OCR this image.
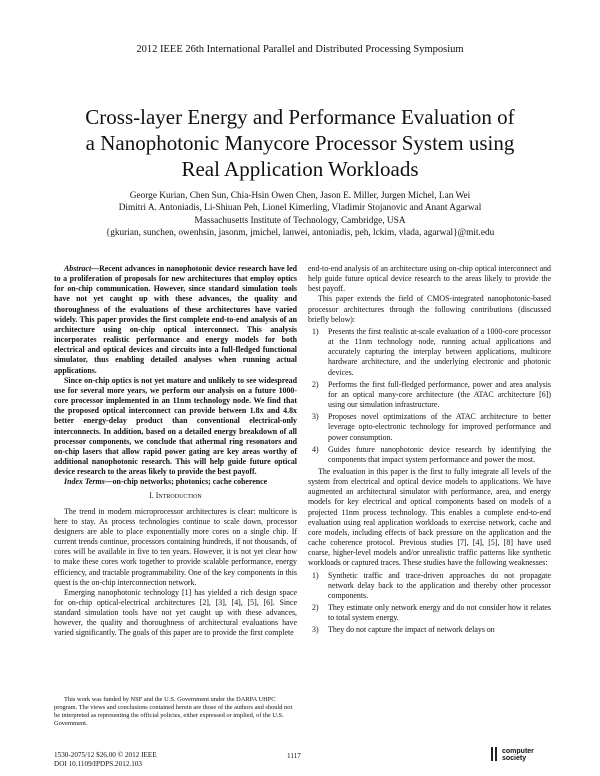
2012 IEEE 26th International Parallel and Distributed Processing Symposium
Cross-layer Energy and Performance Evaluation of
a Nanophotonic Manycore Processor System using
Real Application Workloads
George Kurian, Chen Sun, Chia-Hsin Owen Chen, Jason E. Miller, Jurgen Michel, Lan Wei
Dimitri A. Antoniadis, Li-Shiuan Peh, Lionel Kimerling, Vladimir Stojanovic and Anant Agarwal
Massachusetts Institute of Technology, Cambridge, USA
{gkurian, sunchen, owenhsin, jasonm, jmichel, lanwei, antoniadis, peh, lckim, vlada, agarwal}@mit.edu

Abstract—Recent advances in nanophotonic device research have led to a proliferation of proposals for new architectures that employ optics for on-chip communication. However, since standard simulation tools have not yet caught up with these advances, the quality and thoroughness of the evaluations of these architectures have varied widely. This paper provides the first complete end-to-end analysis of an architecture using on-chip optical interconnect. This analysis incorporates realistic performance and energy models for both electrical and optical devices and circuits into a full-fledged functional simulator, thus enabling detailed analyses when running actual applications.

Since on-chip optics is not yet mature and unlikely to see widespread use for several more years, we perform our analysis on a future 1000-core processor implemented in an 11nm technology node. We find that the proposed optical interconnect can provide between 1.8x and 4.8x better energy-delay product than conventional electrical-only interconnects. In addition, based on a detailed energy breakdown of all processor components, we conclude that athermal ring resonators and on-chip lasers that allow rapid power gating are key areas worthy of additional nanophotonic research. This will help guide future optical device research to the areas likely to provide the best payoff.

Index Terms—on-chip networks; photonics; cache coherence

I. Introduction

The trend in modern microprocessor architectures is clear: multicore is here to stay. As process technologies continue to scale down, processor designers are able to place exponentially more cores on a single chip. If current trends continue, processors containing hundreds, if not thousands, of cores will be available in five to ten years. However, it is not yet clear how to make these cores work together to provide scalable performance, energy efficiency, and tractable programmability. One of the key components in this quest is the on-chip interconnection network.

Emerging nanophotonic technology [1] has yielded a rich design space for on-chip optical-electrical architectures [2], [3], [4], [5], [6]. Since standard simulation tools have not yet caught up with these advances, however, the quality and thoroughness of architectural evaluations have varied significantly. The goals of this paper are to provide the first complete

This work was funded by NSF and the U.S. Government under the DARPA UHPC program. The views and conclusions contained herein are those of the authors and should not be interpreted as representing the official policies, either expressed or implied, of the U.S. Government.

end-to-end analysis of an architecture using on-chip optical interconnect and help guide future optical device research to the areas likely to provide the best payoff.

This paper extends the field of CMOS-integrated nanophotonic-based processor architectures through the following contributions (discussed briefly below):

1) Presents the first realistic at-scale evaluation of a 1000-core processor at the 11nm technology node, running actual applications and accurately capturing the interplay between applications, multicore hardware architecture, and the underlying electronic and photonic devices.
2) Performs the first full-fledged performance, power and area analysis for an optical many-core architecture (the ATAC architecture [6]) using our simulation infrastructure.
3) Proposes novel optimizations of the ATAC architecture to better leverage opto-electronic technology for improved performance and power consumption.
4) Guides future nanophotonic device research by identifying the components that impact system performance and power the most.

The evaluation in this paper is the first to fully integrate all levels of the system from electrical and optical device models to applications. We have augmented an architectural simulator with performance, area, and energy models for key electrical and optical components based on models of a projected 11nm process technology. This enables a complete end-to-end evaluation using real application workloads to exercise network, cache and core models, including effects of back pressure on the application and the cache coherence protocol. Previous studies [7], [4], [5], [8] have used coarse, higher-level models and/or unrealistic traffic patterns like synthetic workloads or captured traces. These studies have the following weaknesses:

1) Synthetic traffic and trace-driven approaches do not propagate network delay back to the application and thereby other processor components.
2) They estimate only network energy and do not consider how it relates to total system energy.
3) They do not capture the impact of network delays on
1530-2075/12 $26.00 © 2012 IEEE
DOI 10.1109/IPDPS.2012.103
1117
computer
society
